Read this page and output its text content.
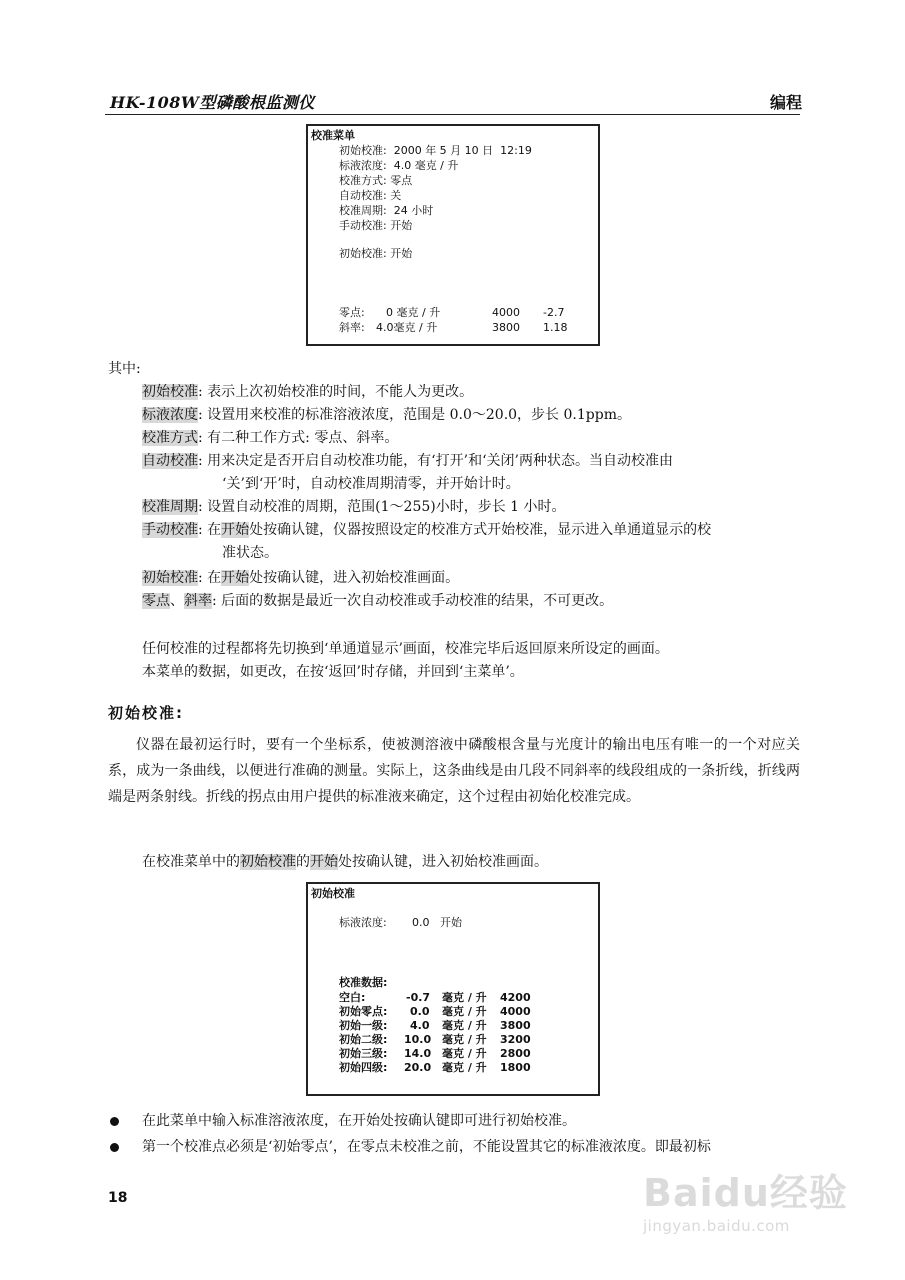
HK-108W型磷酸根监测仪	编程
校准菜单
初始校准:  2000 年 5 月 10 日  12:19
标液浓度:  4.0 毫克 / 升
校准方式: 零点
自动校准: 关
校准周期:  24 小时
手动校准: 开始
初始校准: 开始
零点: 0 毫克 / 升	4000 -2.7
斜率: 4.0毫克 / 升	3800 1.18
其中:
初始校准: 表示上次初始校准的时间，不能人为更改。
标液浓度: 设置用来校准的标准溶液浓度，范围是 0.0～20.0，步长 0.1ppm。
校准方式: 有二种工作方式: 零点、斜率。
自动校准: 用来决定是否开启自动校准功能，有‘打开’和‘关闭’两种状态。当自动校准由
‘关’到‘开’时，自动校准周期清零，并开始计时。
校准周期: 设置自动校准的周期，范围(1～255)小时，步长 1 小时。
手动校准: 在开始处按确认键，仪器按照设定的校准方式开始校准，显示进入单通道显示的校
准状态。
初始校准: 在开始处按确认键，进入初始校准画面。
零点、斜率: 后面的数据是最近一次自动校准或手动校准的结果，不可更改。
任何校准的过程都将先切换到‘单通道显示’画面，校准完毕后返回原来所设定的画面。
本菜单的数据，如更改，在按‘返回’时存储，并回到‘主菜单’。
初始校准:
仪器在最初运行时，要有一个坐标系，使被测溶液中磷酸根含量与光度计的输出电压有唯一的一个对应关系，成为一条曲线，以便进行准确的测量。实际上，这条曲线是由几段不同斜率的线段组成的一条折线，折线两端是两条射线。折线的拐点由用户提供的标准液来确定，这个过程由初始化校准完成。
在校准菜单中的初始校准的开始处按确认键，进入初始校准画面。
初始校准
标液浓度: 0.0 开始
校准数据:
空白:	-0.7 毫克 / 升 4200
初始零点: 0.0 毫克 / 升 4000
初始一级: 4.0 毫克 / 升 3800
初始二级: 10.0 毫克 / 升 3200
初始三级: 14.0 毫克 / 升 2800
初始四级: 20.0 毫克 / 升 1800
在此菜单中输入标准溶液浓度，在开始处按确认键即可进行初始校准。
第一个校准点必须是‘初始零点’，在零点未校准之前，不能设置其它的标准液浓度。即最初标
18	Baidu经验
jingyan.baidu.com
